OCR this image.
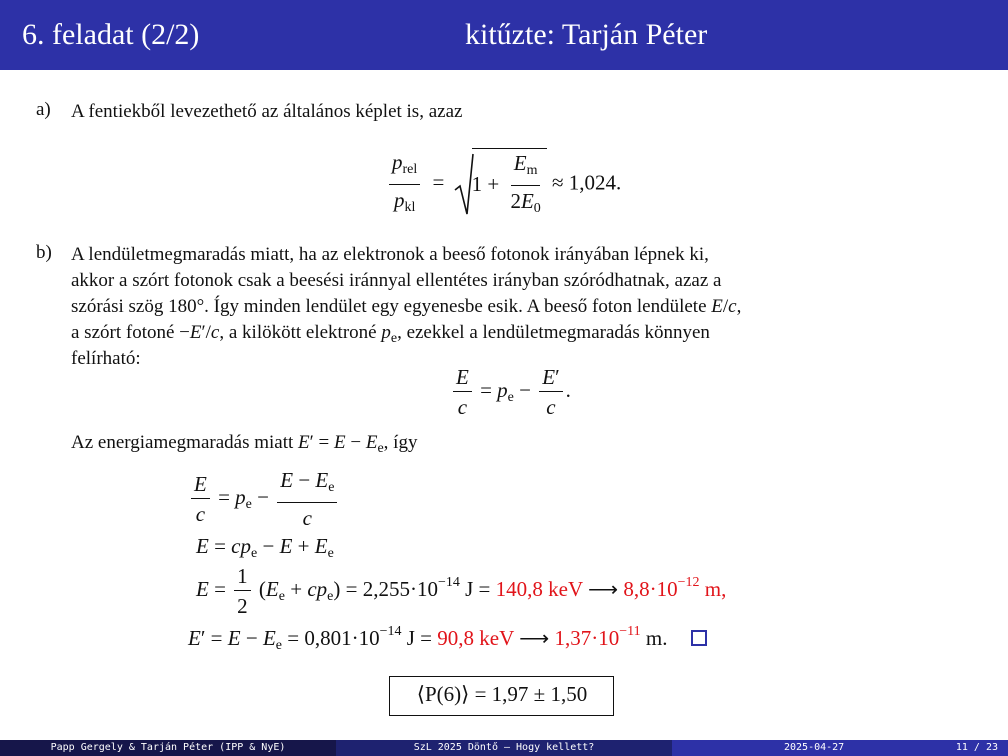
6. feladat (2/2)	kitűzte: Tarján Péter
a) A fentiekből levezethető az általános képlet is, azaz
$\frac{p_{rel}}{p_{kl}} = 1 + \frac{E_m}{2E_0} \approx 1,024$.
b) A lendületmegmaradás miatt, ha az elektronok a beeső fotonok irányában lépnek ki,
akkor a szórt fotonok csak a beesési iránnyal ellentétes irányban szóródhatnak, azaz a
szórási szög 180°. Így minden lendület egy egyenesbe esik. A beeső foton lendülete E/c,
a szórt fotoné −E′/c, a kilökött elektroné $p_e$, ezekkel a lendületmegmaradás könnyen
felírható:
$\frac{E}{c} = p_e - \frac{E'}{c}$ .
Az energiamegmaradás miatt $E' = E - E_e$, így
$\frac{E}{c} = p_e - \frac{E - E_e}{c}$
$E = cp_e - E + E_e$
$E = \frac{1}{2} (E_e + cp_e) = 2,255\cdot 10^{-14}$ J = 140,8 keV ⟶ $8,8\cdot 10^{-12}$ m,
$E' = E - E_e = 0,801\cdot 10^{-14}$ J = 90,8 keV ⟶ $1,37\cdot 10^{-11}$ m.
⟨P(6)⟩ = 1,97 ± 1,50
Papp Gergely & Tarján Péter (IPP & NyE)	SzL 2025 Döntő – Hogy kellett?	2025-04-27	11 / 23
